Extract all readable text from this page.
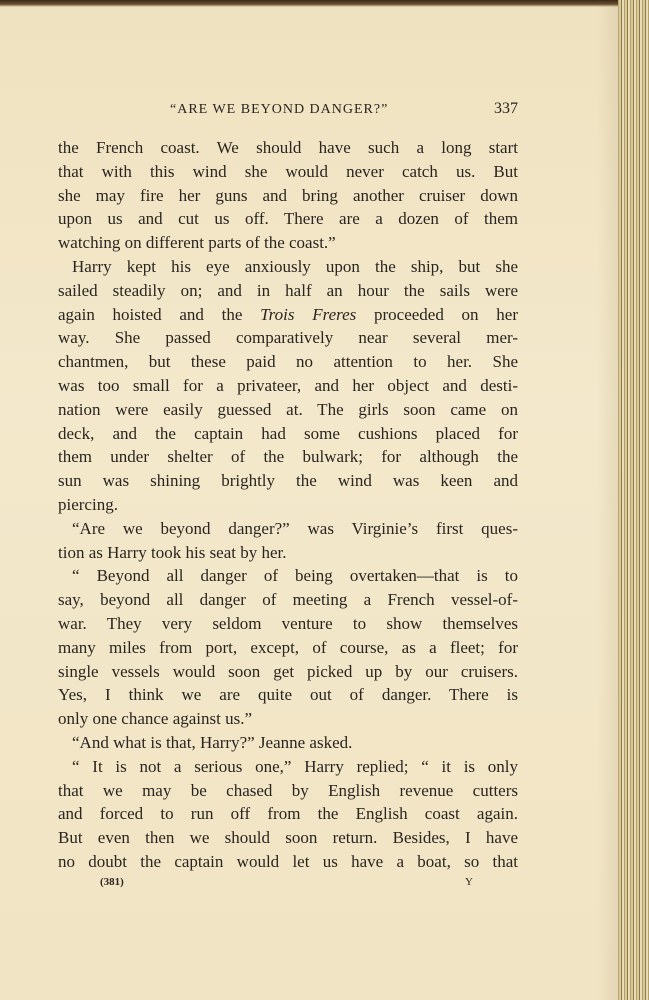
“ARE WE BEYOND DANGER?”	337
the French coast. We should have such a long start
that with this wind she would never catch us. But
she may fire her guns and bring another cruiser down
upon us and cut us off. There are a dozen of them
watching on different parts of the coast.”
Harry kept his eye anxiously upon the ship, but she
sailed steadily on; and in half an hour the sails were
again hoisted and the Trois Freres proceeded on her
way. She passed comparatively near several mer-
chantmen, but these paid no attention to her. She
was too small for a privateer, and her object and desti-
nation were easily guessed at. The girls soon came on
deck, and the captain had some cushions placed for
them under shelter of the bulwark; for although the
sun was shining brightly the wind was keen and
piercing.
“Are we beyond danger?” was Virginie’s first ques-
tion as Harry took his seat by her.
“ Beyond all danger of being overtaken—that is to
say, beyond all danger of meeting a French vessel-of-
war. They very seldom venture to show themselves
many miles from port, except, of course, as a fleet; for
single vessels would soon get picked up by our cruisers.
Yes, I think we are quite out of danger. There is
only one chance against us.”
“And what is that, Harry?” Jeanne asked.
“ It is not a serious one,” Harry replied; “ it is only
that we may be chased by English revenue cutters
and forced to run off from the English coast again.
But even then we should soon return. Besides, I have
no doubt the captain would let us have a boat, so that
(381)	Y
